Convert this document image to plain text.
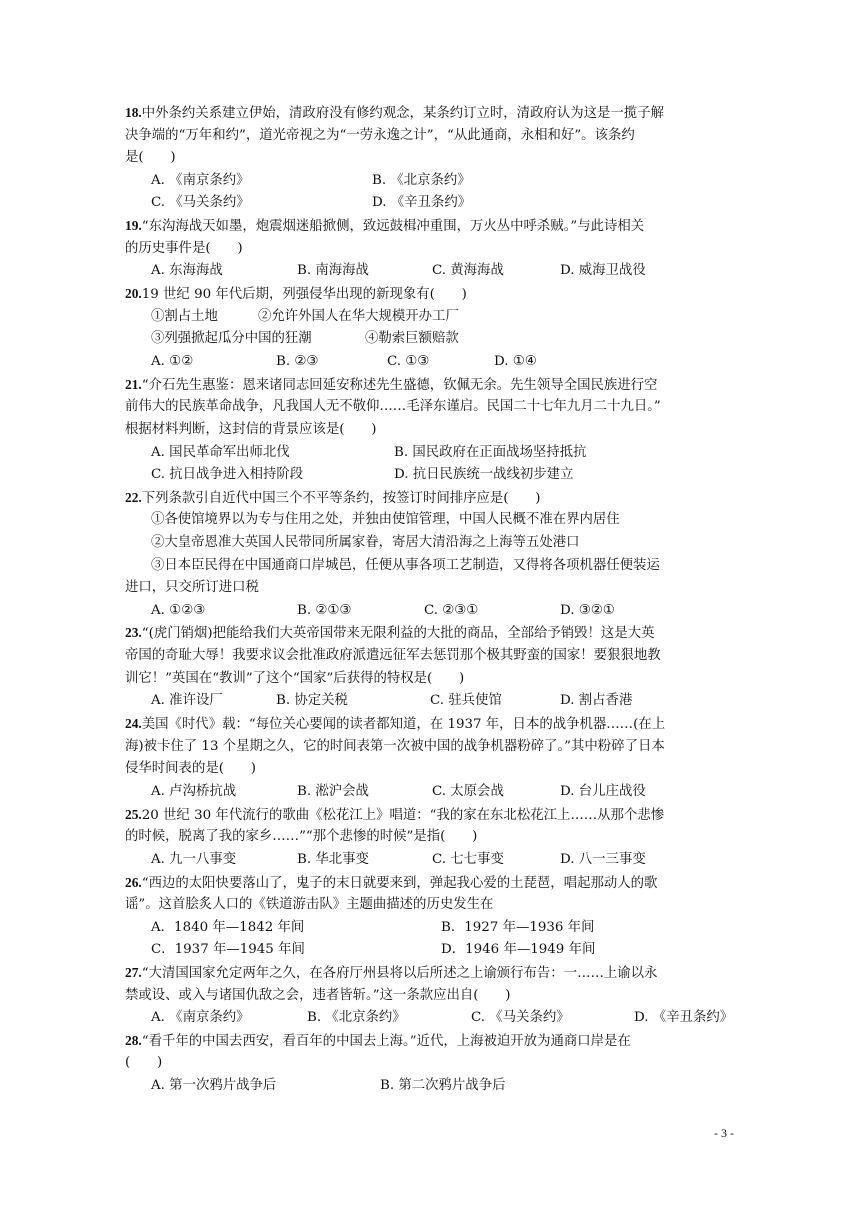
18.中外条约关系建立伊始，清政府没有修约观念，某条约订立时，清政府认为这是一揽子解
决争端的“万年和约”，道光帝视之为“一劳永逸之计”，“从此通商，永相和好”。该条约
是(　　)
A. 《南京条约》	B. 《北京条约》
C. 《马关条约》	D. 《辛丑条约》
19.“东沟海战天如墨，炮震烟迷船掀侧，致远鼓楫冲重围，万火丛中呼杀贼。”与此诗相关
的历史事件是(　　)
A. 东海海战	B. 南海海战	C. 黄海海战	D. 威海卫战役
20.19 世纪 90 年代后期，列强侵华出现的新现象有(　　)
①割占土地	②允许外国人在华大规模开办工厂
③列强掀起瓜分中国的狂潮	④勒索巨额赔款
A. ①②	B. ②③	C. ①③	D. ①④
21.“介石先生惠鉴：恩来诸同志回延安称述先生盛德，钦佩无余。先生领导全国民族进行空
前伟大的民族革命战争，凡我国人无不敬仰……毛泽东谨启。民国二十七年九月二十九日。”
根据材料判断，这封信的背景应该是(　　)
A. 国民革命军出师北伐	B. 国民政府在正面战场坚持抵抗
C. 抗日战争进入相持阶段	D. 抗日民族统一战线初步建立
22.下列条款引自近代中国三个不平等条约，按签订时间排序应是(　　)
①各使馆境界以为专与住用之处，并独由使馆管理，中国人民概不准在界内居住
②大皇帝恩准大英国人民带同所属家眷，寄居大清沿海之上海等五处港口
③日本臣民得在中国通商口岸城邑，任便从事各项工艺制造，又得将各项机器任便装运
进口，只交所订进口税
A. ①②③	B. ②①③	C. ②③①	D. ③②①
23.“(虎门销烟)把能给我们大英帝国带来无限利益的大批的商品，全部给予销毁！这是大英
帝国的奇耻大辱！我要求议会批准政府派遣远征军去惩罚那个极其野蛮的国家！要狠狠地教
训它！”英国在“教训”了这个“国家”后获得的特权是(　　)
A. 准许设厂	B. 协定关税	C. 驻兵使馆	D. 割占香港
24.美国《时代》载：“每位关心要闻的读者都知道，在 1937 年，日本的战争机器……(在上
海)被卡住了 13 个星期之久，它的时间表第一次被中国的战争机器粉碎了。”其中粉碎了日本
侵华时间表的是(　　)
A. 卢沟桥抗战	B. 淞沪会战	C. 太原会战	D. 台儿庄战役
25.20 世纪 30 年代流行的歌曲《松花江上》唱道：“我的家在东北松花江上……从那个悲惨
的时候，脱离了我的家乡……”“那个悲惨的时候”是指(　　)
A. 九一八事变	B. 华北事变	C. 七七事变	D. 八一三事变
26.“西边的太阳快要落山了，鬼子的末日就要来到，弹起我心爱的土琵琶，唱起那动人的歌
谣”。这首脍炙人口的《铁道游击队》主题曲描述的历史发生在
A．1840 年—1842 年间	B．1927 年—1936 年间
C．1937 年—1945 年间	D．1946 年—1949 年间
27.“大清国国家允定两年之久，在各府厅州县将以后所述之上谕颁行布告：一……上谕以永
禁或设、或入与诸国仇敌之会，违者皆斩。”这一条款应出自(　　)
A. 《南京条约》	B. 《北京条约》	C. 《马关条约》	D. 《辛丑条约》
28.“看千年的中国去西安，看百年的中国去上海。”近代，上海被迫开放为通商口岸是在
(　　)
A. 第一次鸦片战争后	B. 第二次鸦片战争后
- 3 -
